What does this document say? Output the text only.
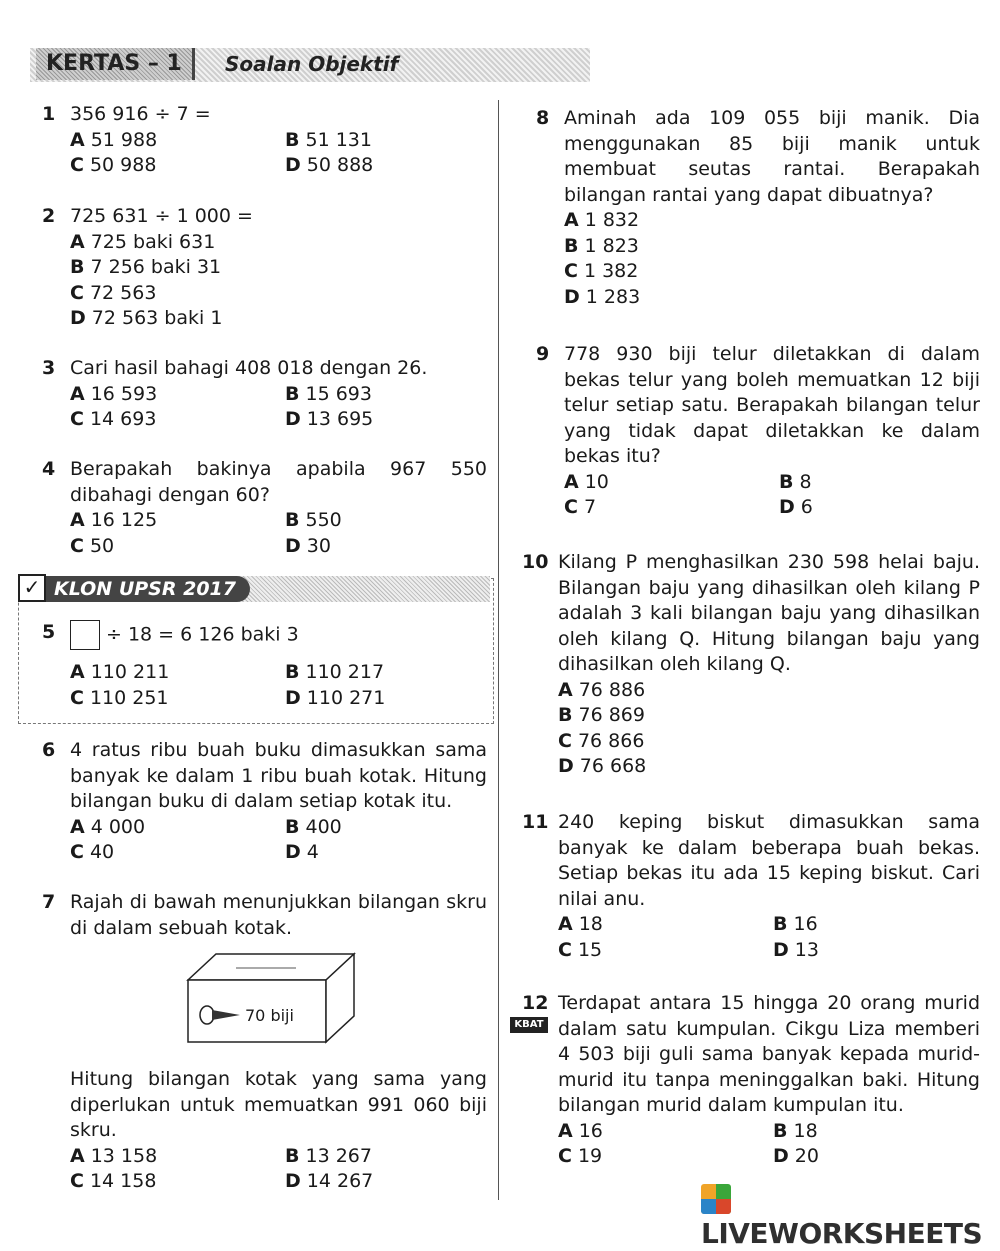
KERTAS – 1	Soalan Objektif
1 356 916 ÷ 7 =
A 51 988	B 51 131
C 50 988	D 50 888
2 725 631 ÷ 1 000 =
A 725 baki 631
B 7 256 baki 31
C 72 563
D 72 563 baki 1
3 Cari hasil bahagi 408 018 dengan 26.
A 16 593	B 15 693
C 14 693	D 13 695
4 Berapakah bakinya apabila 967 550 dibahagi dengan 60?
A 16 125	B 550
C 50	D 30
✓ KLON UPSR 2017
5	÷ 18 = 6 126 baki 3
A 110 211	B 110 217
C 110 251	D 110 271
6 4 ratus ribu buah buku dimasukkan sama banyak ke dalam 1 ribu buah kotak. Hitung bilangan buku di dalam setiap kotak itu.
A 4 000	B 400
C 40	D 4
7 Rajah di bawah menunjukkan bilangan skru di dalam sebuah kotak.
70 biji
Hitung bilangan kotak yang sama yang diperlukan untuk memuatkan 991 060 biji skru.
A 13 158	B 13 267
C 14 158	D 14 267
8 Aminah ada 109 055 biji manik. Dia menggunakan 85 biji manik untuk membuat seutas rantai. Berapakah bilangan rantai yang dapat dibuatnya?
A 1 832
B 1 823
C 1 382
D 1 283
9 778 930 biji telur diletakkan di dalam bekas telur yang boleh memuatkan 12 biji telur setiap satu. Berapakah bilangan telur yang tidak dapat diletakkan ke dalam bekas itu?
A 10	B 8
C 7	D 6
10 Kilang P menghasilkan 230 598 helai baju. Bilangan baju yang dihasilkan oleh kilang P adalah 3 kali bilangan baju yang dihasilkan oleh kilang Q. Hitung bilangan baju yang dihasilkan oleh kilang Q.
A 76 886
B 76 869
C 76 866
D 76 668
11 240 keping biskut dimasukkan sama banyak ke dalam beberapa buah bekas. Setiap bekas itu ada 15 keping biskut. Cari nilai anu.
A 18	B 16
C 15	D 13
KBAT
12 Terdapat antara 15 hingga 20 orang murid dalam satu kumpulan. Cikgu Liza memberi 4 503 biji guli sama banyak kepada murid-murid itu tanpa meninggalkan baki. Hitung bilangan murid dalam kumpulan itu.
A 16	B 18
C 19	D 20
LIVEWORKSHEETS
